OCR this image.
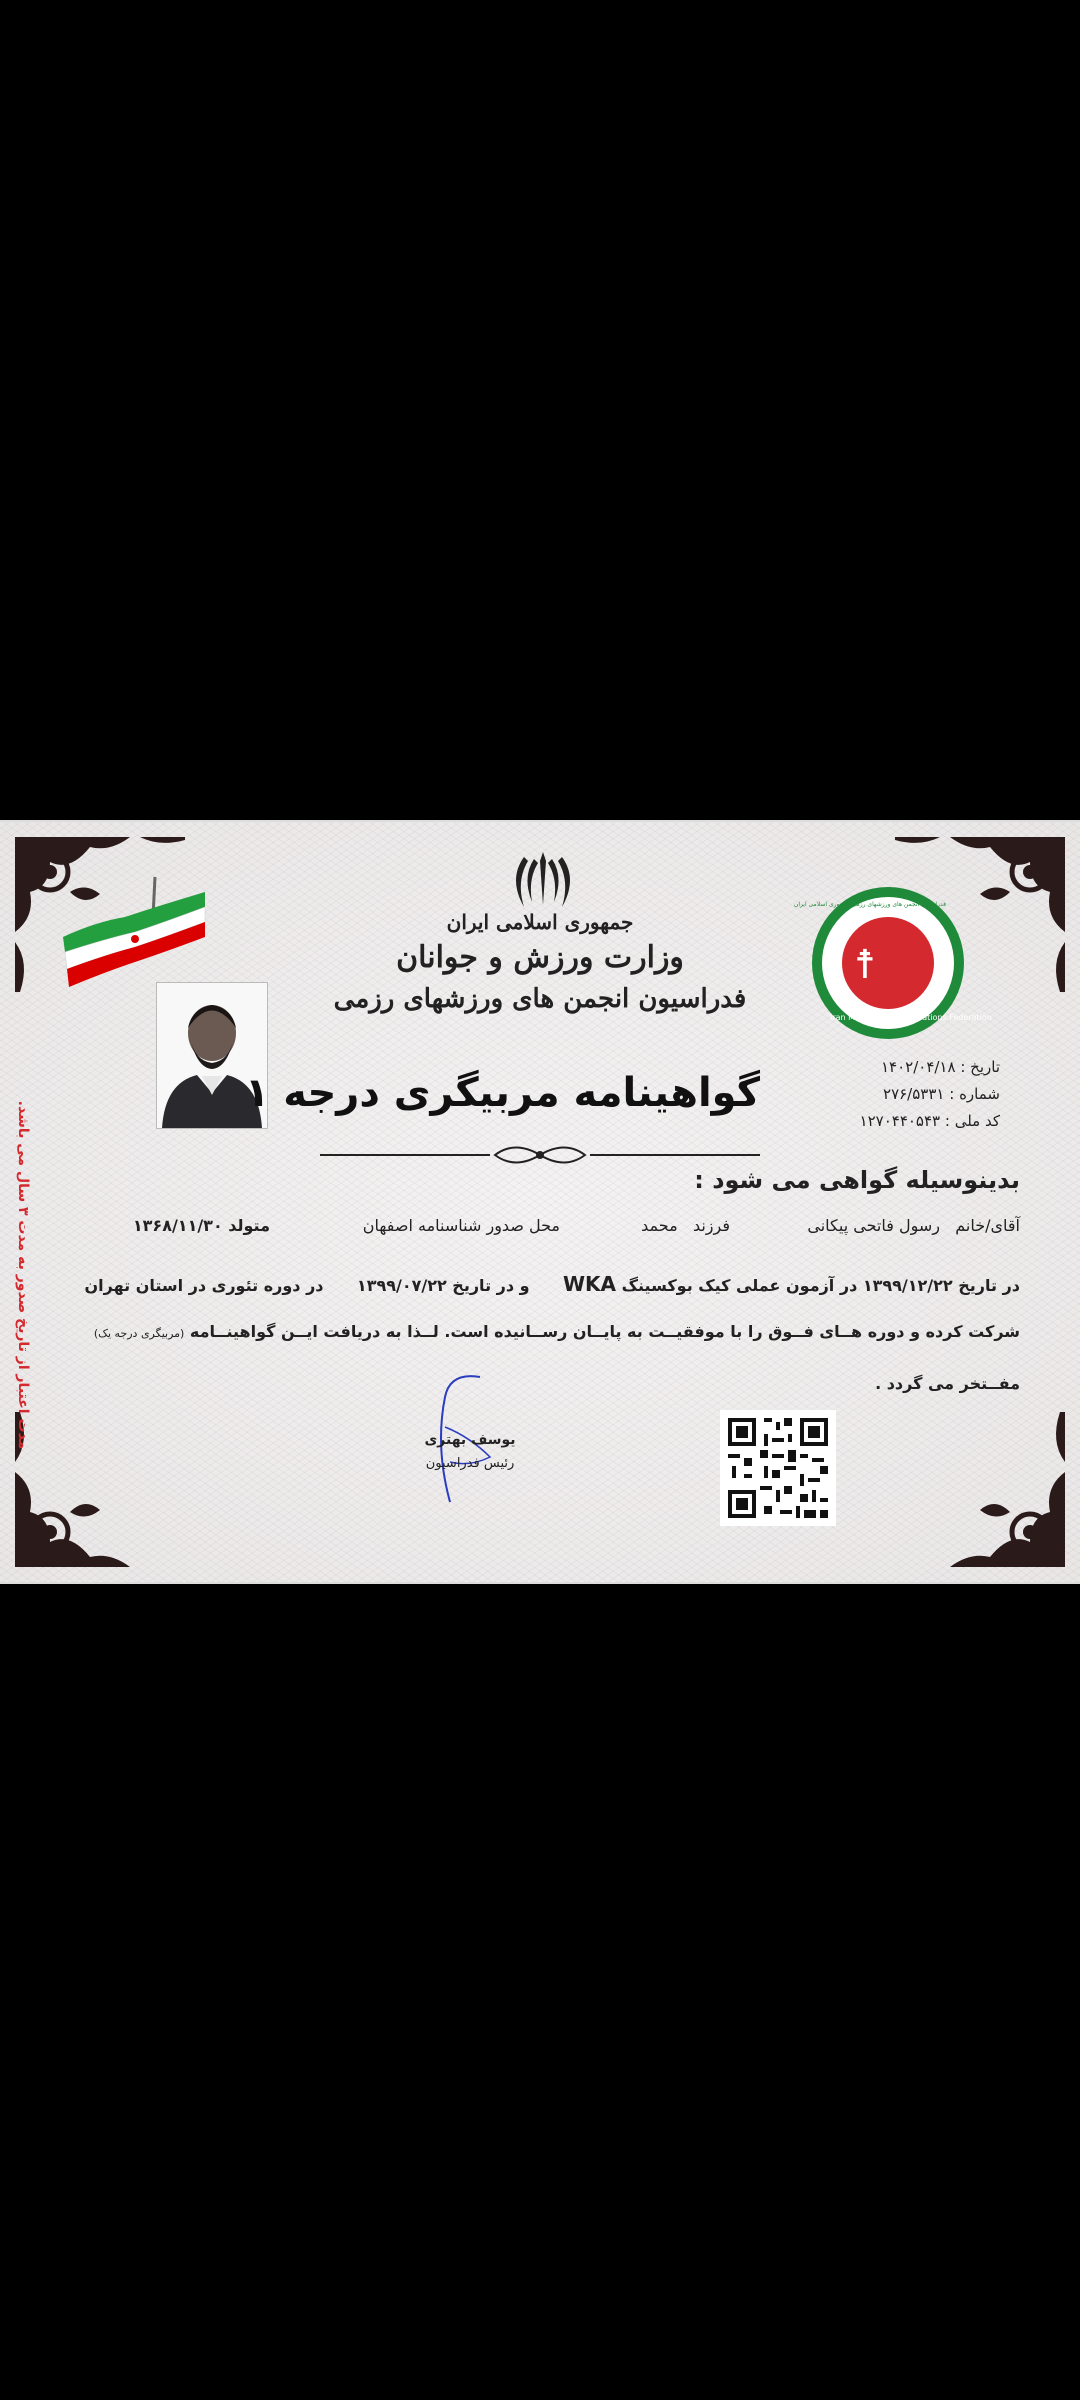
مدت اعتبار از تاریخ صدور به مدت ۳ سال می باشد.
جمهوری اسلامی ایران
وزارت ورزش و جوانان
فدراسیون انجمن های ورزشهای رزمی
☨
Iran Martial Arts Associations Federation
فدراسیون انجمن های ورزشهای رزمی جمهوری اسلامی ایران
تاریخ : ۱۴۰۲/۰۴/۱۸
شماره : ۲۷۶/۵۳۳۱
کد ملی : ۱۲۷۰۴۴۰۵۴۳
گواهینامه مربیگری درجه ۱
بدینوسیله گواهی می شود :
آقای/خانم   رسول فاتحی پیکانی
فرزند   محمد
محل صدور شناسنامه اصفهان
متولد ۱۳۶۸/۱۱/۳۰
در تاریخ ۱۳۹۹/۱۲/۲۲ در آزمون عملی کیک بوکسینگ WKA      و در تاریخ ۱۳۹۹/۰۷/۲۲      در دوره تئوری در استان تهران
شرکت کرده و دوره هــای فــوق را با موفقیــت به پایــان رســانیده است. لــذا به دریافت ایــن گواهینــامه (مربیگری درجه یک)
مفــتخر می گردد .
یوسف بهتری
رئیس فدراسیون
